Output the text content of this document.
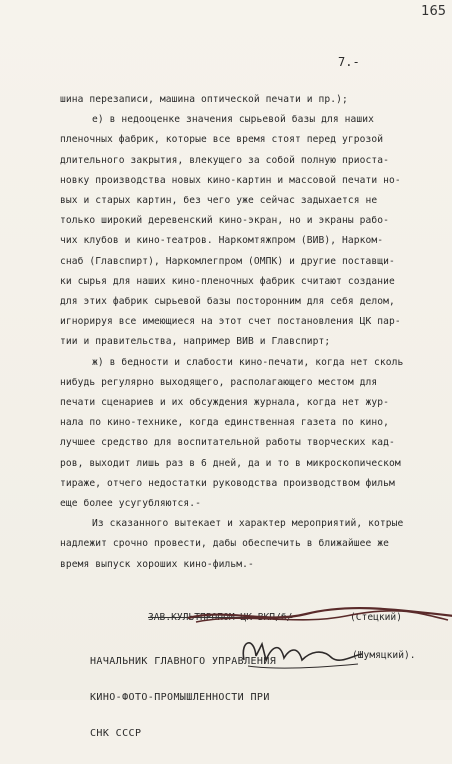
165
7.-
шина перезаписи, машина оптической печати и пр.);
е) в недооценке значения сырьевой базы для наших
пленочных фабрик, которые все время стоят перед угрозой
длительного закрытия, влекущего за собой полную приоста-
новку производства новых кино-картин и массовой печати но-
вых и старых картин, без чего уже сейчас задыхается не
только широкий деревенский кино-экран, но и экраны рабо-
чих клубов и кино-театров. Наркомтяжпром (ВИВ), Нарком-
снаб (Главспирт), Наркомлегпром (ОМПК) и другие поставщи-
ки сырья для наших кино-пленочных фабрик считают создание
для этих фабрик сырьевой базы посторонним для себя делом,
игнорируя все имеющиеся на этот счет постановления ЦК пар-
тии и правительства, например ВИВ и Главспирт;
ж) в бедности и слабости кино-печати, когда нет сколь
нибудь регулярно выходящего, располагающего местом для
печати сценариев и их обсуждения журнала, когда нет жур-
нала по кино-технике, когда единственная газета по кино,
лучшее средство для воспитательной работы творческих кад-
ров, выходит лишь раз в 6 дней, да и то в микроскопическом
тираже, отчего недостатки руководства производством фильм
еще более усугубляются.-
Из сказанного вытекает и характер мероприятий, котрые
надлежит срочно провести, дабы обеспечить в ближайшее же
время выпуск хороших кино-фильм.-
ЗАВ.КУЛЬТПРОПОМ ЦК ВКП/б/	(Стецкий)

НАЧАЛЬНИК ГЛАВНОГО УПРАВЛЕНИЯ

КИНО-ФОТО-ПРОМЫШЛЕННОСТИ ПРИ

СНК СССР

(Шумяцкий).
